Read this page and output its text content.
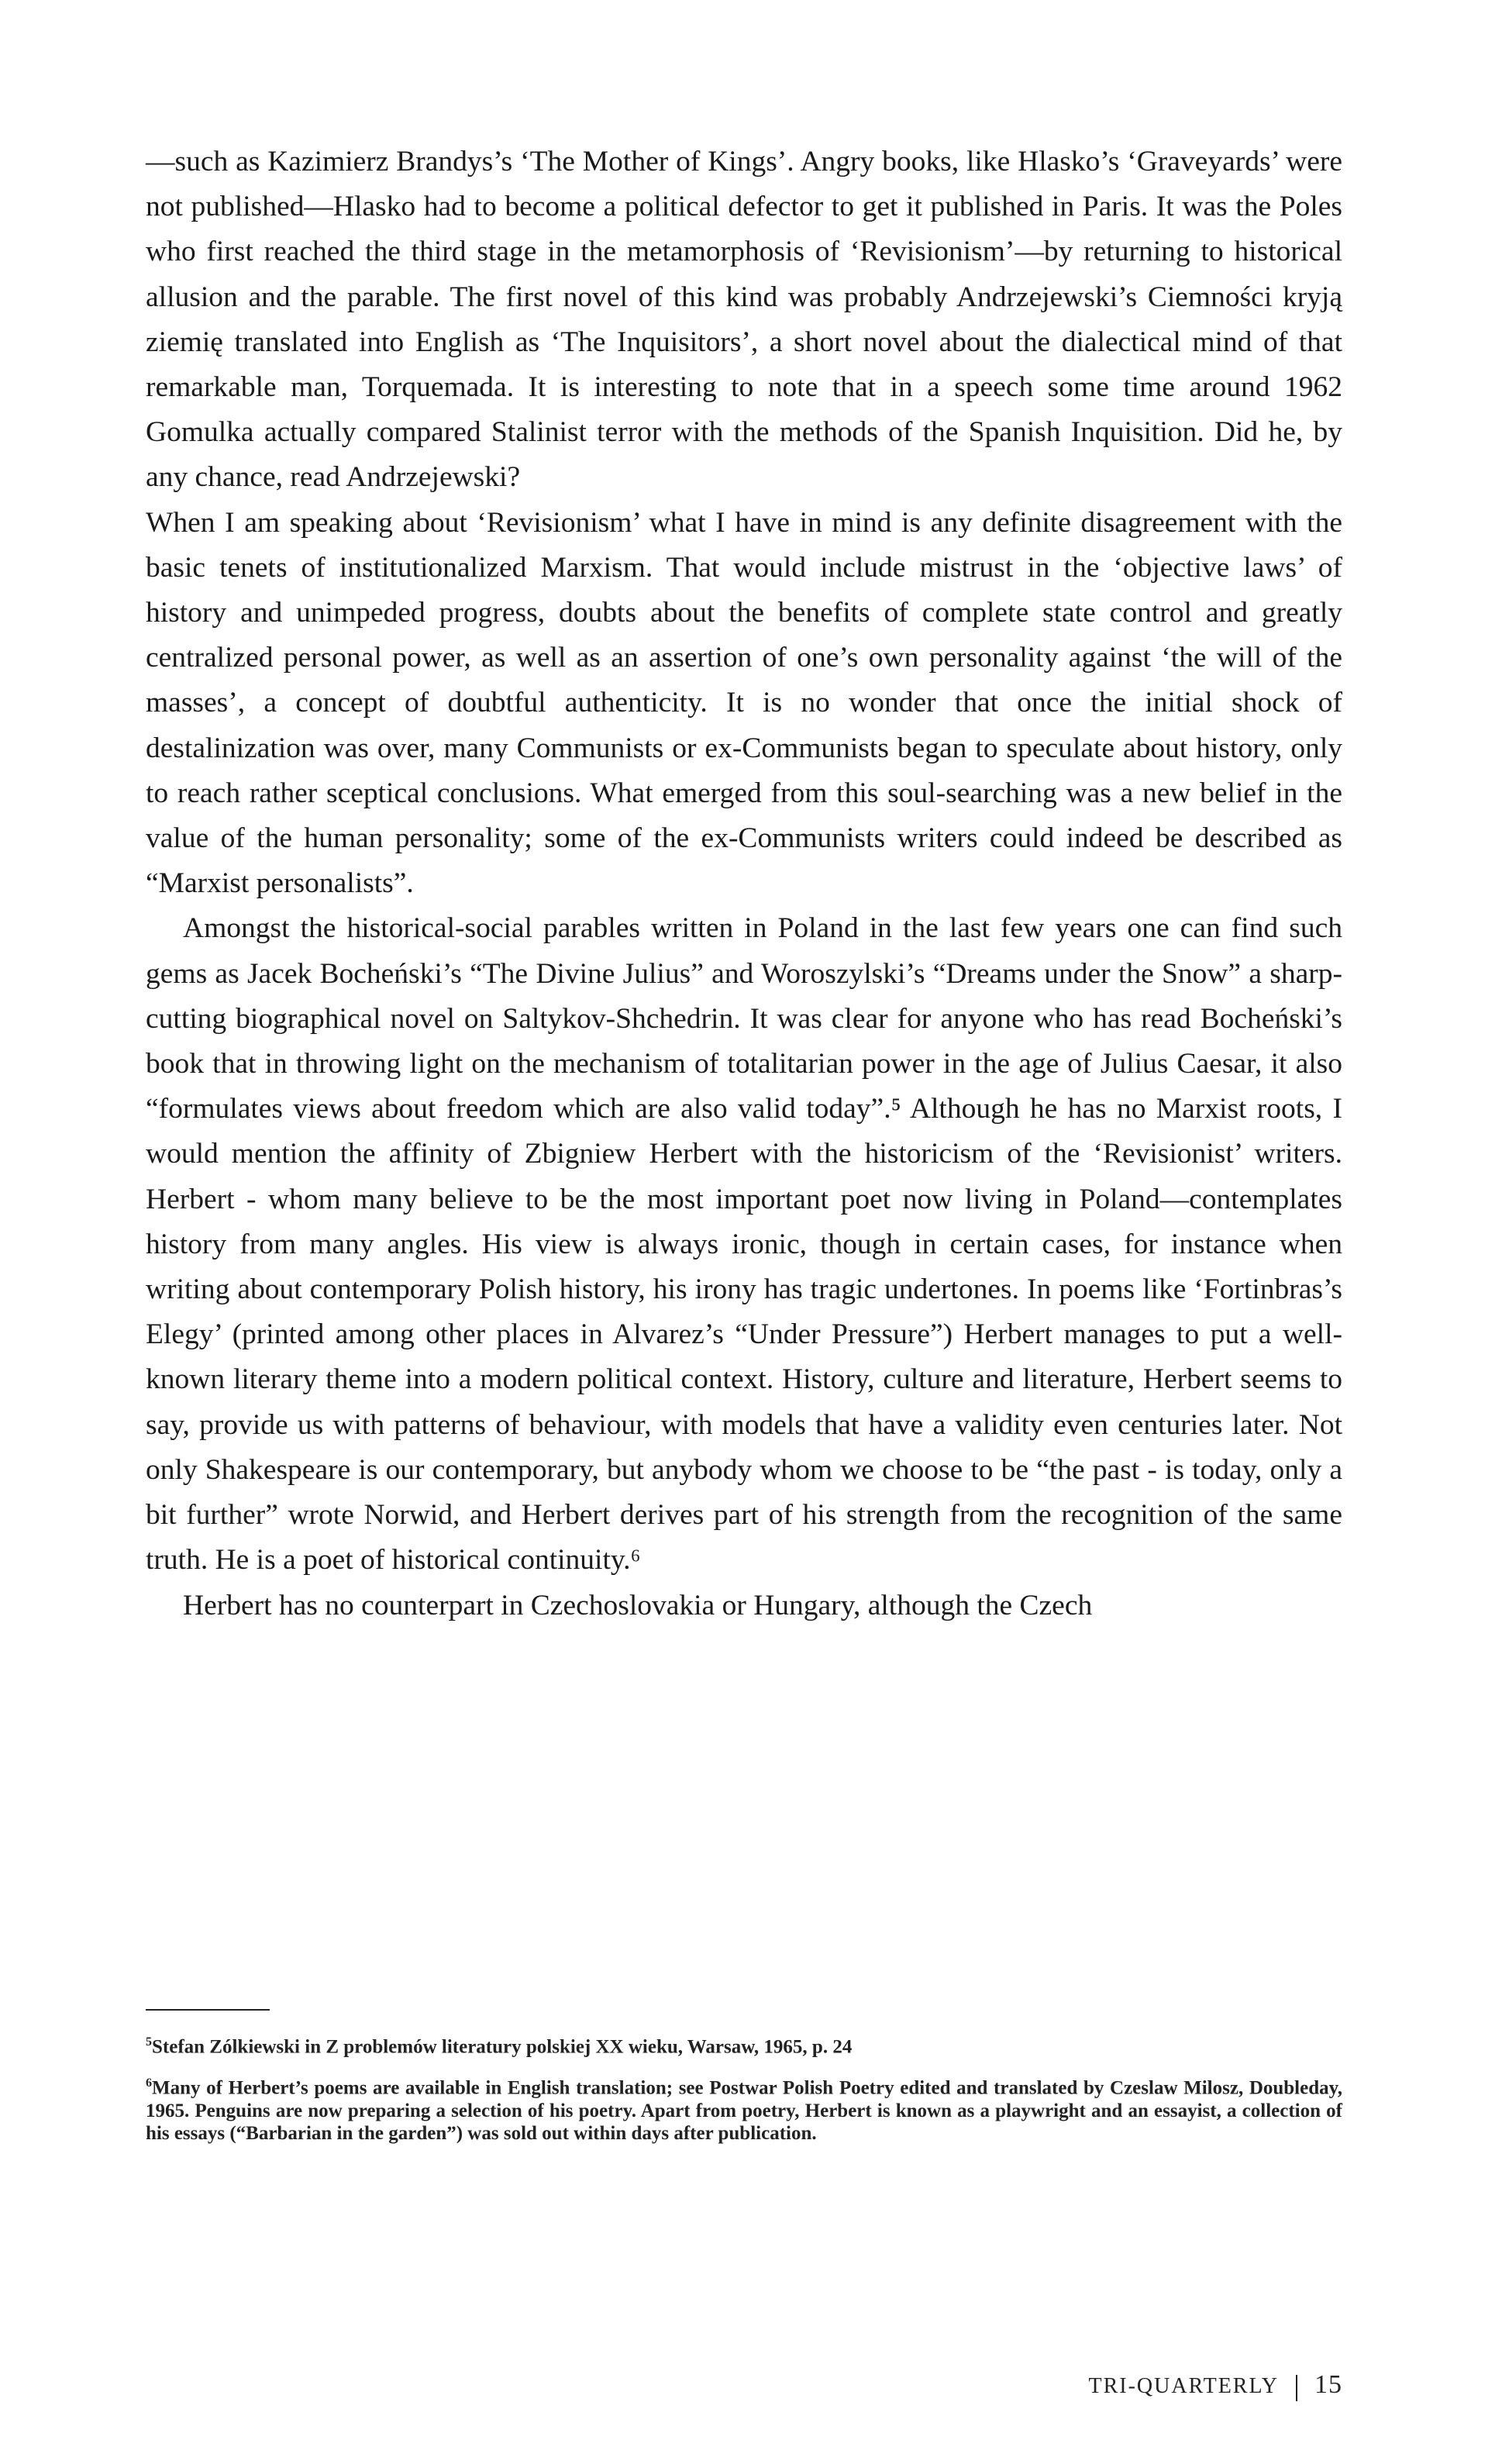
—such as Kazimierz Brandys’s ‘The Mother of Kings’. Angry books, like Hlasko’s ‘Graveyards’ were not published—Hlasko had to become a political defector to get it published in Paris. It was the Poles who first reached the third stage in the metamorphosis of ‘Revisionism’—by returning to historical allusion and the parable. The first novel of this kind was probably Andrzejewski’s Ciemności kryją ziemię translated into English as ‘The Inquisitors’, a short novel about the dialectical mind of that remarkable man, Torquemada. It is interesting to note that in a speech some time around 1962 Gomulka actually compared Stalinist terror with the methods of the Spanish Inquisition. Did he, by any chance, read Andrzejewski?

When I am speaking about ‘Revisionism’ what I have in mind is any definite disagreement with the basic tenets of institutionalized Marxism. That would include mistrust in the ‘objective laws’ of history and unimpeded progress, doubts about the benefits of complete state control and greatly centralized personal power, as well as an assertion of one’s own personality against ‘the will of the masses’, a concept of doubtful authenticity. It is no wonder that once the initial shock of destalinization was over, many Communists or ex-Communists began to speculate about history, only to reach rather sceptical conclusions. What emerged from this soul-searching was a new belief in the value of the human personality; some of the ex-Communists writers could indeed be described as “Marxist personalists”.

Amongst the historical-social parables written in Poland in the last few years one can find such gems as Jacek Bocheński’s “The Divine Julius” and Woroszylski’s “Dreams under the Snow” a sharp-cutting biographical novel on Saltykov-Shchedrin. It was clear for anyone who has read Bocheński’s book that in throwing light on the mechanism of totalitarian power in the age of Julius Caesar, it also “formulates views about freedom which are also valid today”.⁵ Although he has no Marxist roots, I would mention the affinity of Zbigniew Herbert with the historicism of the ‘Revisionist’ writers. Herbert - whom many believe to be the most important poet now living in Poland—contemplates history from many angles. His view is always ironic, though in certain cases, for instance when writing about contemporary Polish history, his irony has tragic undertones. In poems like ‘Fortinbras’s Elegy’ (printed among other places in Alvarez’s “Under Pressure”) Herbert manages to put a well-known literary theme into a modern political context. History, culture and literature, Herbert seems to say, provide us with patterns of behaviour, with models that have a validity even centuries later. Not only Shakespeare is our contemporary, but anybody whom we choose to be “the past - is today, only a bit further” wrote Norwid, and Herbert derives part of his strength from the recognition of the same truth. He is a poet of historical continuity.⁶

Herbert has no counterpart in Czechoslovakia or Hungary, although the Czech

$^5$Stefan Zólkiewski in Z problemów literatury polskiej XX wieku, Warsaw, 1965, p. 24

$^6$Many of Herbert’s poems are available in English translation; see Postwar Polish Poetry edited and translated by Czeslaw Milosz, Doubleday, 1965. Penguins are now preparing a selection of his poetry. Apart from poetry, Herbert is known as a playwright and an essayist, a collection of his essays (“Barbarian in the garden”) was sold out within days after publication.

TRI-QUARTERLY 15
